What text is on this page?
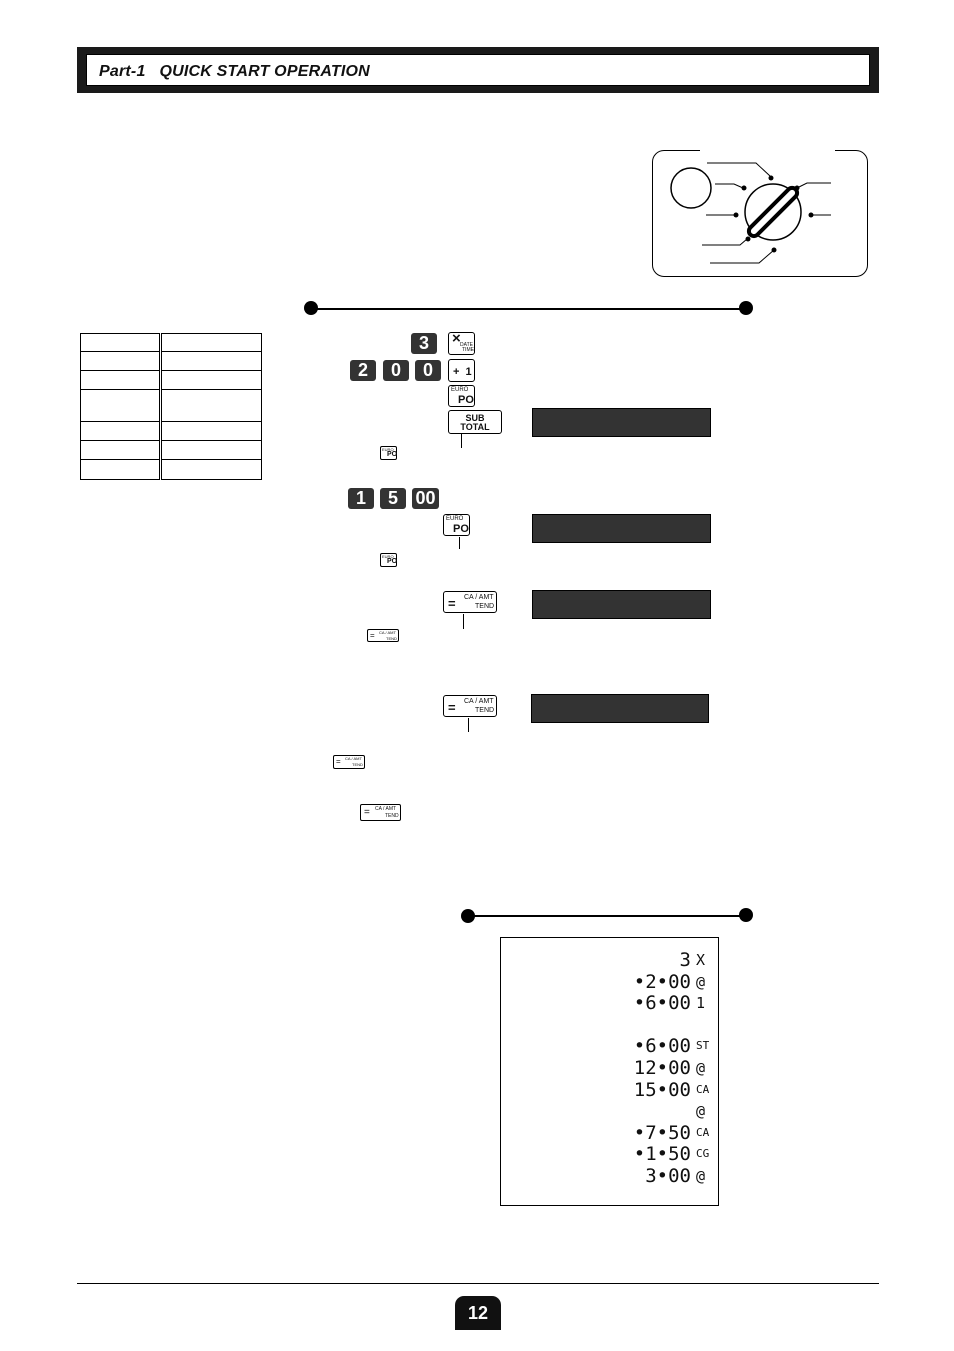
Part-1   QUICK START OPERATION

3	× DATE
TIME
2	0	0	+  1
EURO
PO
SUB
TOTAL
EURO
PO
1	5 00
EURO
PO
EURO
PO
= CA / AMT
TEND
= CA / AMT
TEND
= CA / AMT
TEND
= CA / AMT
TEND
= CA / AMT
TEND
3 X
•2•00 @
•6•00 1
•6•00 ST
12•00 @
15•00 CA
@
•7•50 CA
•1•50 CG
3•00 @
12
